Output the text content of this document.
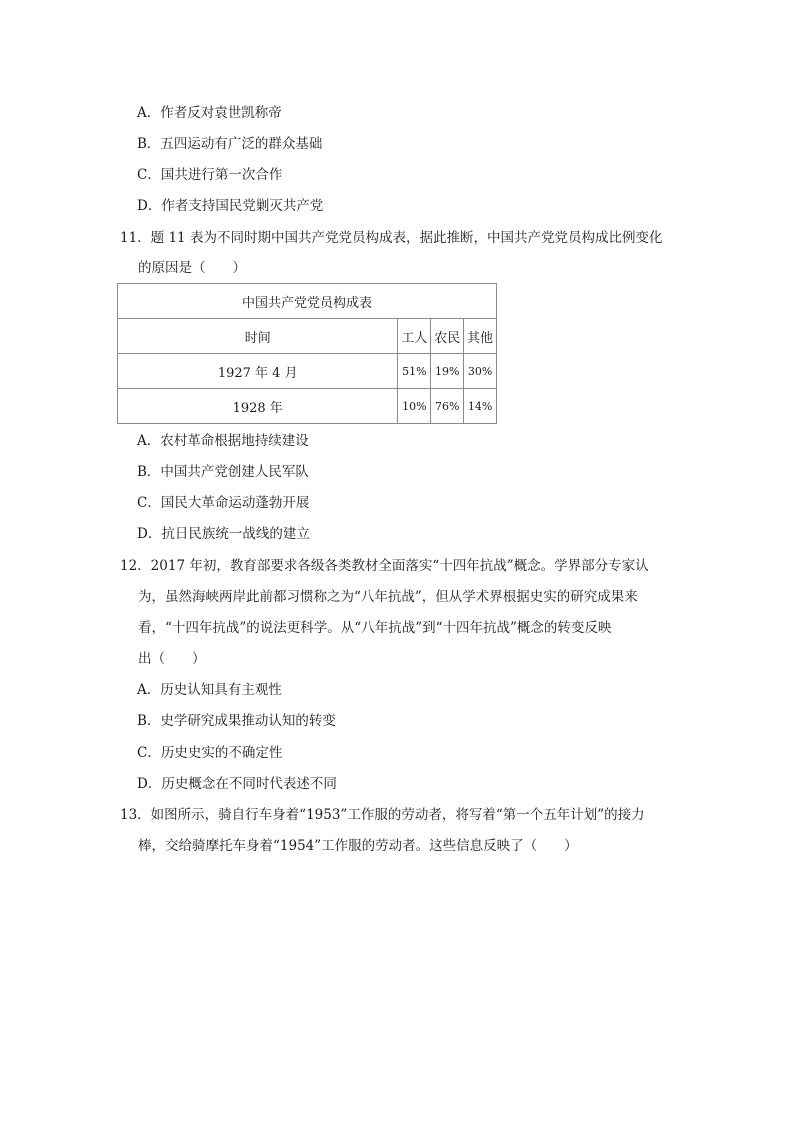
A．作者反对袁世凯称帝
B．五四运动有广泛的群众基础
C．国共进行第一次合作
D．作者支持国民党剿灭共产党
11．题 11 表为不同时期中国共产党党员构成表，据此推断，中国共产党党员构成比例变化
的原因是（　　）
中国共产党党员构成表			
时间	工人	农民	其他
1927 年 4 月	51%	19%	30%
1928 年	10%	76%	14%
A．农村革命根据地持续建设
B．中国共产党创建人民军队
C．国民大革命运动蓬勃开展
D．抗日民族统一战线的建立
12．2017 年初，教育部要求各级各类教材全面落实“十四年抗战”概念。学界部分专家认
为，虽然海峡两岸此前都习惯称之为“八年抗战”，但从学术界根据史实的研究成果来
看，“十四年抗战”的说法更科学。从“八年抗战”到“十四年抗战”概念的转变反映
出（　　）
A．历史认知具有主观性
B．史学研究成果推动认知的转变
C．历史史实的不确定性
D．历史概念在不同时代表述不同
13．如图所示，骑自行车身着“1953”工作服的劳动者，将写着“第一个五年计划”的接力
棒，交给骑摩托车身着“1954”工作服的劳动者。这些信息反映了（　　）
